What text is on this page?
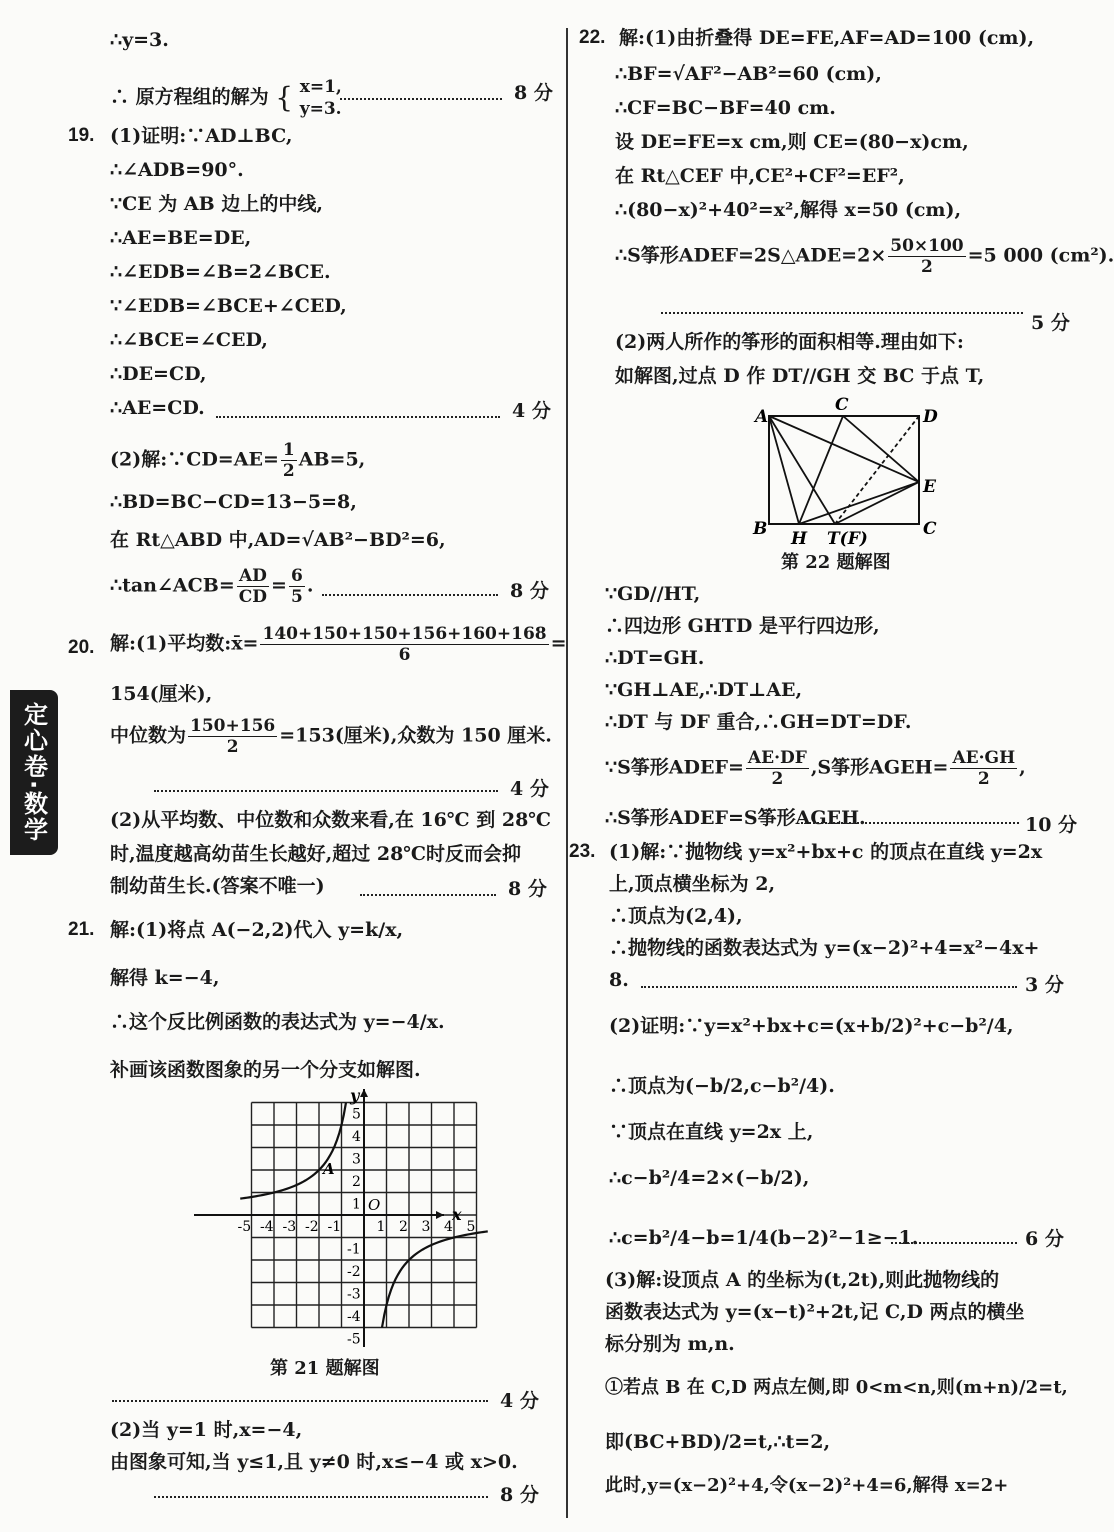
定心卷·数学
∴y=3.
∴ 原方程组的解为 { x=1,
y=3.
8 分
19. (1)证明:∵AD⊥BC,
∴∠ADB=90°.
∵CE 为 AB 边上的中线,
∴AE=BE=DE,
∴∠EDB=∠B=2∠BCE.
∵∠EDB=∠BCE+∠CED,
∴∠BCE=∠CED,
∴DE=CD,
∴AE=CD.	4 分
(2)解:∵CD=AE= $\frac{1}{2} AB=5$,
∴BD=BC−CD=13−5=8,
在 Rt△ABD 中,AD=√AB²−BD²=6,
∴tan∠ACB= $\frac{AD}{CD} = \frac{6}{5}$ .	8 分
20. 解:(1)平均数:x̄= $\frac{140+150+150+156+160+168}{6}$ =
154(厘米),
中位数为 $\frac{150+156}{2} =153$(厘米),众数为 150 厘米.
4 分
(2)从平均数、中位数和众数来看,在 16℃ 到 28℃
时,温度越高幼苗生长越好,超过 28℃时反而会抑
制幼苗生长.(答案不唯一)	8 分
21. 解:(1)将点 A(−2,2)代入 y=k/x,
解得 k=−4,
∴这个反比例函数的表达式为 y=−4/x.
补画该函数图象的另一个分支如解图.
x
y
O
-5 -4 -3 -2 -1	1 2 3 4 5
5
4
3
2
1
-1
-2
-3
-4
-5
A
第 21 题解图
4 分
(2)当 y=1 时,x=−4,
由图象可知,当 y≤1,且 y≠0 时,x≤−4 或 x>0.
8 分
22. 解:(1)由折叠得 DE=FE,AF=AD=100 (cm),
∴BF=√AF²−AB²=60 (cm),
∴CF=BC−BF=40 cm.
设 DE=FE=x cm,则 CE=(80−x)cm,
在 Rt△CEF 中,CE²+CF²=EF²,
∴(80−x)²+40²=x²,解得 x=50 (cm),
∴S筝形ADEF=2S△ADE=2× $\frac{50\times 100}{2} =5$ 000 (cm²).
5 分
(2)两人所作的筝形的面积相等.理由如下:
如解图,过点 D 作 DT//GH 交 BC 于点 T,
A
C
D
E
B	C
H T(F)
第 22 题解图
∵GD//HT,
∴四边形 GHTD 是平行四边形,
∴DT=GH.
∵GH⊥AE,∴DT⊥AE,
∴DT 与 DF 重合,∴GH=DT=DF.
∵S筝形ADEF= $\frac{AE\cdot DF}{2} ,S$筝形AGEH= $\frac{AE\cdot GH}{2}$ ,
∴S筝形ADEF=S筝形AGEH.	10 分
23. (1)解:∵抛物线 y=x²+bx+c 的顶点在直线 y=2x
上,顶点横坐标为 2,
∴顶点为(2,4),
∴抛物线的函数表达式为 y=(x−2)²+4=x²−4x+
8.	3 分
(2)证明:∵y=x²+bx+c=(x+b/2)²+c−b²/4,
∴顶点为(−b/2,c−b²/4).
∵顶点在直线 y=2x 上,
∴c−b²/4=2×(−b/2),
∴c=b²/4−b=1/4(b−2)²−1≥−1.	6 分
(3)解:设顶点 A 的坐标为(t,2t),则此抛物线的
函数表达式为 y=(x−t)²+2t,记 C,D 两点的横坐
标分别为 m,n.
①若点 B 在 C,D 两点左侧,即 0<m<n,则(m+n)/2=t,
即(BC+BD)/2=t,∴t=2,
此时,y=(x−2)²+4,令(x−2)²+4=6,解得 x=2+
